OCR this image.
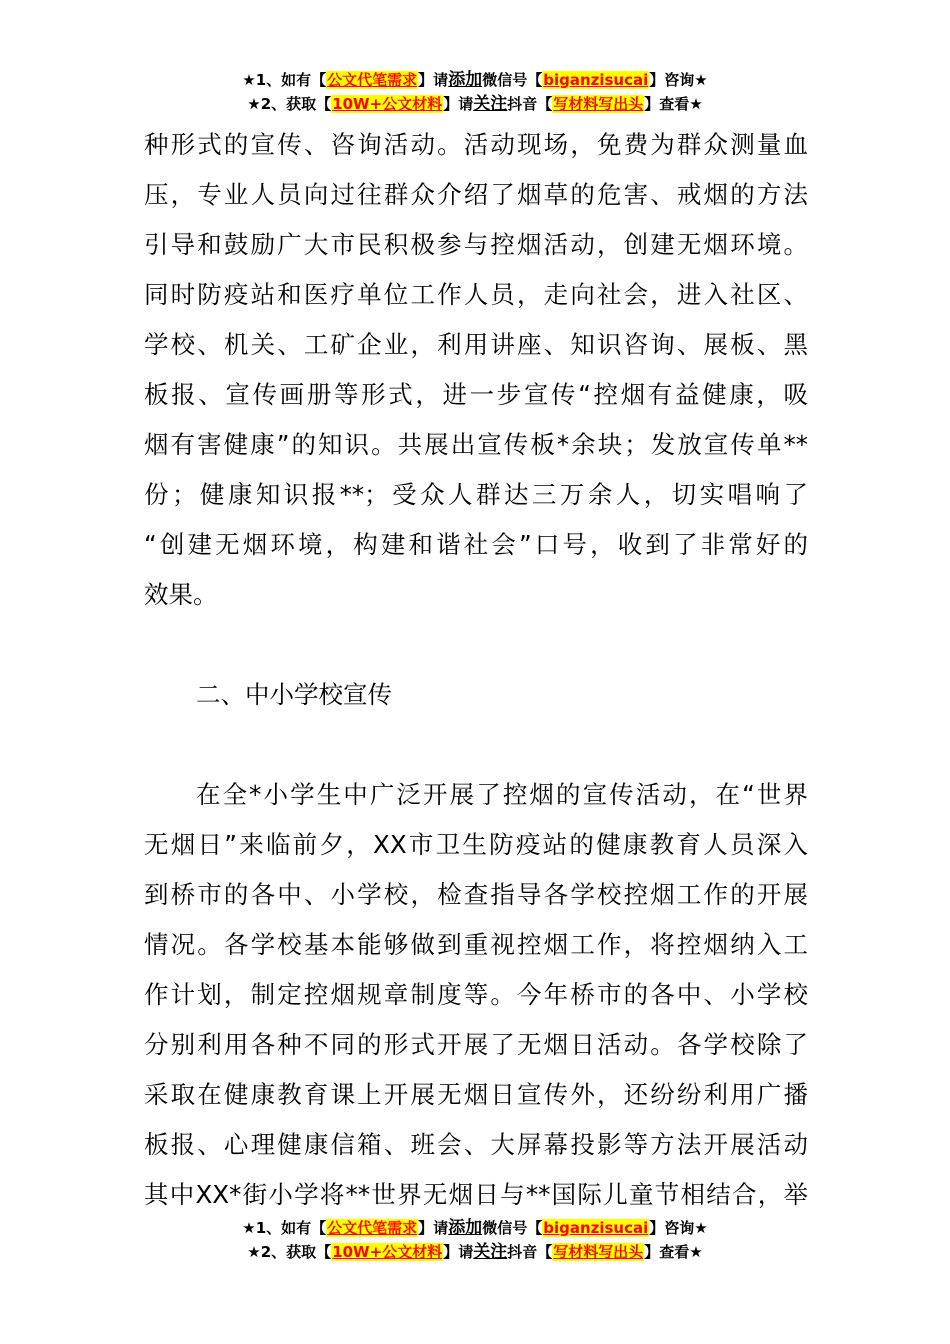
★1、如有【公文代笔需求】请添加微信号【biganzisucai】咨询★
★2、获取【10W+公文材料】请关注抖音【写材料写出头】查看★
种形式的宣传、咨询活动。活动现场，免费为群众测量血
压，专业人员向过往群众介绍了烟草的危害、戒烟的方法
引导和鼓励广大市民积极参与控烟活动，创建无烟环境。
同时防疫站和医疗单位工作人员，走向社会，进入社区、
学校、机关、工矿企业，利用讲座、知识咨询、展板、黑
板报、宣传画册等形式，进一步宣传“控烟有益健康，吸
烟有害健康”的知识。共展出宣传板*余块；发放宣传单**
份；健康知识报**；受众人群达三万余人，切实唱响了
“创建无烟环境，构建和谐社会”口号，收到了非常好的
效果。
二、中小学校宣传
在全*小学生中广泛开展了控烟的宣传活动，在“世界
无烟日”来临前夕，XX市卫生防疫站的健康教育人员深入
到桥市的各中、小学校，检查指导各学校控烟工作的开展
情况。各学校基本能够做到重视控烟工作，将控烟纳入工
作计划，制定控烟规章制度等。今年桥市的各中、小学校
分别利用各种不同的形式开展了无烟日活动。各学校除了
采取在健康教育课上开展无烟日宣传外，还纷纷利用广播
板报、心理健康信箱、班会、大屏幕投影等方法开展活动
其中XX*街小学将**世界无烟日与**国际儿童节相结合，举
★1、如有【公文代笔需求】请添加微信号【biganzisucai】咨询★
★2、获取【10W+公文材料】请关注抖音【写材料写出头】查看★
